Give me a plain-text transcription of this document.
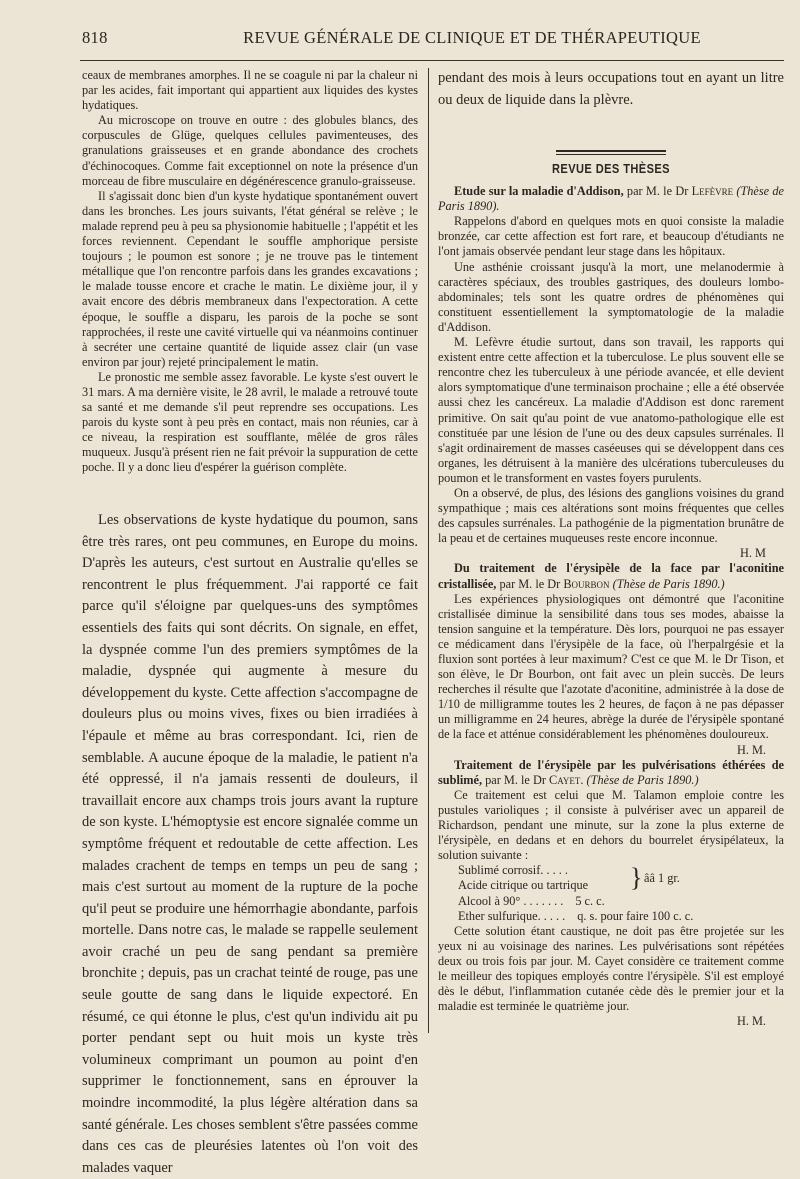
818	REVUE GÉNÉRALE DE CLINIQUE ET DE THÉRAPEUTIQUE

ceaux de membranes amorphes. Il ne se coagule ni par la chaleur ni par les acides, fait important qui appartient aux liquides des kystes hydatiques.

Au microscope on trouve en outre : des globules blancs, des corpuscules de Glüge, quelques cellules pavimenteuses, des granulations graisseuses et en grande abondance des crochets d'échinocoques. Comme fait exceptionnel on note la présence d'un morceau de fibre musculaire en dégénérescence granulo-graisseuse.

Il s'agissait donc bien d'un kyste hydatique spontanément ouvert dans les bronches. Les jours suivants, l'état général se relève ; le malade reprend peu à peu sa physionomie habituelle ; l'appétit et les forces reviennent. Cependant le souffle amphorique persiste toujours ; le poumon est sonore ; je ne trouve pas le tintement métallique que l'on rencontre parfois dans les grandes excavations ; le malade tousse encore et crache le matin. Le dixième jour, il y avait encore des débris membraneux dans l'expectoration. A cette époque, le souffle a disparu, les parois de la poche se sont rapprochées, il reste une cavité virtuelle qui va néanmoins continuer à secréter une certaine quantité de liquide assez clair (un vase environ par jour) rejeté principalement le matin.

Le pronostic me semble assez favorable. Le kyste s'est ouvert le 31 mars. A ma dernière visite, le 28 avril, le malade a retrouvé toute sa santé et me demande s'il peut reprendre ses occupations. Les parois du kyste sont à peu près en contact, mais non réunies, car à ce niveau, la respiration est soufflante, mêlée de gros râles muqueux. Jusqu'à présent rien ne fait prévoir la suppuration de cette poche. Il y a donc lieu d'espérer la guérison complète.

Les observations de kyste hydatique du poumon, sans être très rares, ont peu communes, en Europe du moins. D'après les auteurs, c'est surtout en Australie qu'elles se rencontrent le plus fréquemment. J'ai rapporté ce fait parce qu'il s'éloigne par quelques-uns des symptômes essentiels des faits qui sont décrits. On signale, en effet, la dyspnée comme l'un des premiers symptômes de la maladie, dyspnée qui augmente à mesure du développement du kyste. Cette affection s'accompagne de douleurs plus ou moins vives, fixes ou bien irradiées à l'épaule et même au bras correspondant. Ici, rien de semblable. A aucune époque de la maladie, le patient n'a été oppressé, il n'a jamais ressenti de douleurs, il travaillait encore aux champs trois jours avant la rupture de son kyste. L'hémoptysie est encore signalée comme un symptôme fréquent et redoutable de cette affection. Les malades crachent de temps en temps un peu de sang ; mais c'est surtout au moment de la rupture de la poche qu'il peut se produire une hémorrhagie abondante, parfois mortelle. Dans notre cas, le malade se rappelle seulement avoir craché un peu de sang pendant sa première bronchite ; depuis, pas un crachat teinté de rouge, pas une seule goutte de sang dans le liquide expectoré. En résumé, ce qui étonne le plus, c'est qu'un individu ait pu porter pendant sept ou huit mois un kyste très volumineux comprimant un poumon au point d'en supprimer le fonctionnement, sans en éprouver la moindre incommodité, la plus légère altération dans sa santé générale. Les choses semblent s'être passées comme dans ces cas de pleurésies latentes où l'on voit des malades vaquer

pendant des mois à leurs occupations tout en ayant un litre ou deux de liquide dans la plèvre.

REVUE DES THÈSES

Etude sur la maladie d'Addison, par M. le Dr Lefèvre (Thèse de Paris 1890).

Rappelons d'abord en quelques mots en quoi consiste la maladie bronzée, car cette affection est fort rare, et beaucoup d'étudiants ne l'ont jamais observée pendant leur stage dans les hôpitaux.

Une asthénie croissant jusqu'à la mort, une melanodermie à caractères spéciaux, des troubles gastriques, des douleurs lombo-abdominales; tels sont les quatre ordres de phénomènes qui constituent essentiellement la symptomatologie de la maladie d'Addison.

M. Lefèvre étudie surtout, dans son travail, les rapports qui existent entre cette affection et la tuberculose. Le plus souvent elle se rencontre chez les tuberculeux à une période avancée, et elle devient alors symptomatique d'une terminaison prochaine ; elle a été observée aussi chez les cancéreux. La maladie d'Addison est donc rarement primitive. On sait qu'au point de vue anatomo-pathologique elle est constituée par une lésion de l'une ou des deux capsules surrénales. Il s'agit ordinairement de masses caséeuses qui se développent dans ces organes, les détruisent à la manière des ulcérations tuberculeuses du poumon et le transforment en vastes foyers purulents.

On a observé, de plus, des lésions des ganglions voisines du grand sympathique ; mais ces altérations sont moins fréquentes que celles des capsules surrénales. La pathogénie de la pigmentation brunâtre de la peau et de certaines muqueuses reste encore inconnue.

H. M

Du traitement de l'érysipèle de la face par l'aconitine cristallisée, par M. le Dr Bourbon (Thèse de Paris 1890.)

Les expériences physiologiques ont démontré que l'aconitine cristallisée diminue la sensibilité dans tous ses modes, abaisse la tension sanguine et la température. Dès lors, pourquoi ne pas essayer ce médicament dans l'érysipèle de la face, où l'herpalrgésie et la fluxion sont portées à leur maximum? C'est ce que M. le Dr Tison, et son élève, le Dr Bourbon, ont fait avec un plein succès. De leurs recherches il résulte que l'azotate d'aconitine, administrée à la dose de 1/10 de milligramme toutes les 2 heures, de façon à ne pas dépasser un milligramme en 24 heures, abrège la durée de l'érysipèle spontané de la face et atténue considérablement les phénomènes douloureux.

H. M.

Traitement de l'érysipèle par les pulvérisations éthérées de sublimé, par M. le Dr Cayet. (Thèse de Paris 1890.)

Ce traitement est celui que M. Talamon emploie contre les pustules varioliques ; il consiste à pulvériser avec un appareil de Richardson, pendant une minute, sur la zone la plus externe de l'érysipèle, en dedans et en dehors du bourrelet érysipélateux, la solution suivante :

Sublimé corrosif. . . . .
Acide citrique ou tartrique	} ââ 1 gr.
Alcool à 90° . . . . . . . 5 c. c.
Ether sulfurique. . . . . q. s. pour faire 100 c. c.

Cette solution étant caustique, ne doit pas être projetée sur les yeux ni au voisinage des narines. Les pulvérisations sont répétées deux ou trois fois par jour. M. Cayet considère ce traitement comme le meilleur des topiques employés contre l'érysipèle. S'il est employé dès le début, l'inflammation cutanée cède dès le premier jour et la maladie est terminée le quatrième jour.

H. M.
